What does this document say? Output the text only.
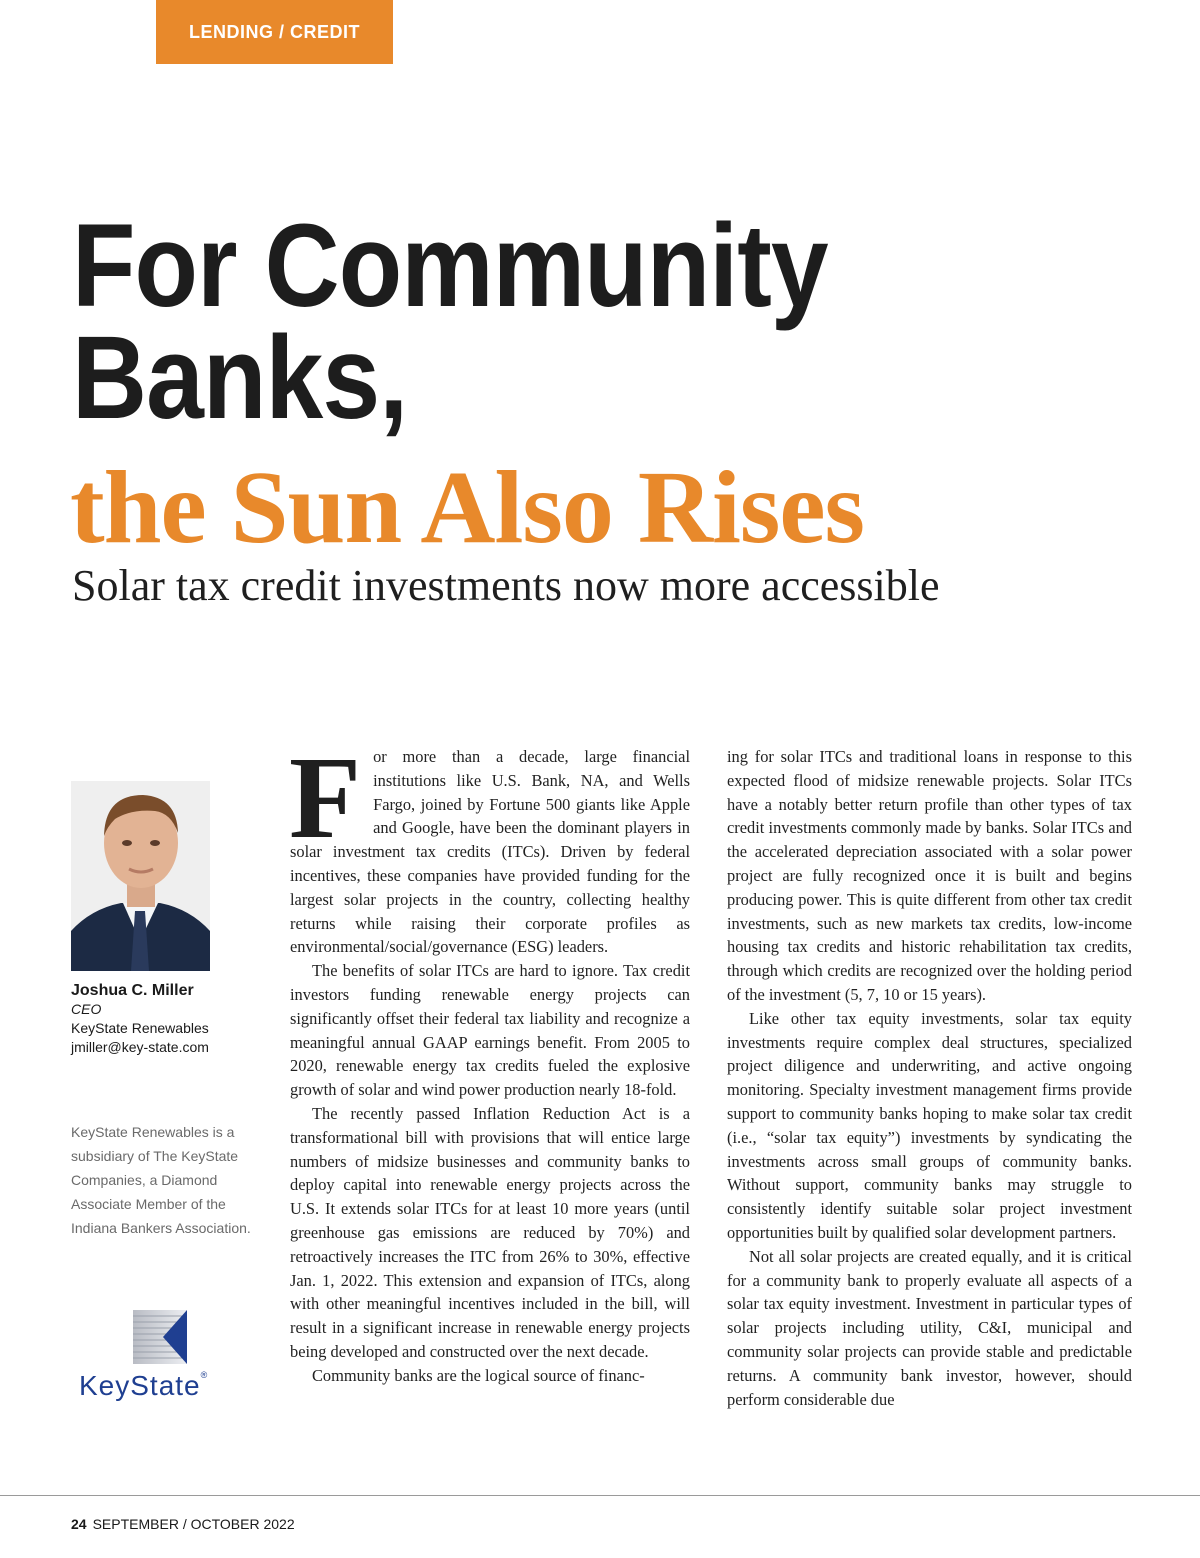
LENDING / CREDIT
For Community
Banks,
the Sun Also Rises
Solar tax credit investments now more accessible
Joshua C. Miller
CEO
KeyState Renewables
jmiller@key-state.com
KeyState Renewables is a subsidiary of The KeyState Companies, a Diamond Associate Member of the Indiana Bankers Association.
KeyState®

For more than a decade, large financial institutions like U.S. Bank, NA, and Wells Fargo, joined by Fortune 500 giants like Apple and Google, have been the dominant players in solar investment tax credits (ITCs). Driven by federal incentives, these companies have provided funding for the largest solar projects in the country, collecting healthy returns while raising their corporate profiles as environmental/social/governance (ESG) leaders.

The benefits of solar ITCs are hard to ignore. Tax credit investors funding renewable energy projects can significantly offset their federal tax liability and recognize a meaningful annual GAAP earnings benefit. From 2005 to 2020, renewable energy tax credits fueled the explosive growth of solar and wind power production nearly 18-fold.

The recently passed Inflation Reduction Act is a transformational bill with provisions that will entice large numbers of midsize businesses and community banks to deploy capital into renewable energy projects across the U.S. It extends solar ITCs for at least 10 more years (until greenhouse gas emissions are reduced by 70%) and retroactively increases the ITC from 26% to 30%, effective Jan. 1, 2022. This extension and expansion of ITCs, along with other meaningful incentives included in the bill, will result in a significant increase in renewable energy projects being developed and constructed over the next decade.

Community banks are the logical source of financ-

ing for solar ITCs and traditional loans in response to this expected flood of midsize renewable projects. Solar ITCs have a notably better return profile than other types of tax credit investments commonly made by banks. Solar ITCs and the accelerated depreciation associated with a solar power project are fully recognized once it is built and begins producing power. This is quite different from other tax credit investments, such as new markets tax credits, low-income housing tax credits and historic rehabilitation tax credits, through which credits are recognized over the holding period of the investment (5, 7, 10 or 15 years).

Like other tax equity investments, solar tax equity investments require complex deal structures, specialized project diligence and underwriting, and active ongoing monitoring. Specialty investment management firms provide support to community banks hoping to make solar tax credit (i.e., “solar tax equity”) investments by syndicating the investments across small groups of community banks. Without support, community banks may struggle to consistently identify suitable solar project investment opportunities built by qualified solar development partners.

Not all solar projects are created equally, and it is critical for a community bank to properly evaluate all aspects of a solar tax equity investment. Investment in particular types of solar projects including utility, C&I, municipal and community solar projects can provide stable and predictable returns. A community bank investor, however, should perform considerable due

24 SEPTEMBER / OCTOBER 2022
